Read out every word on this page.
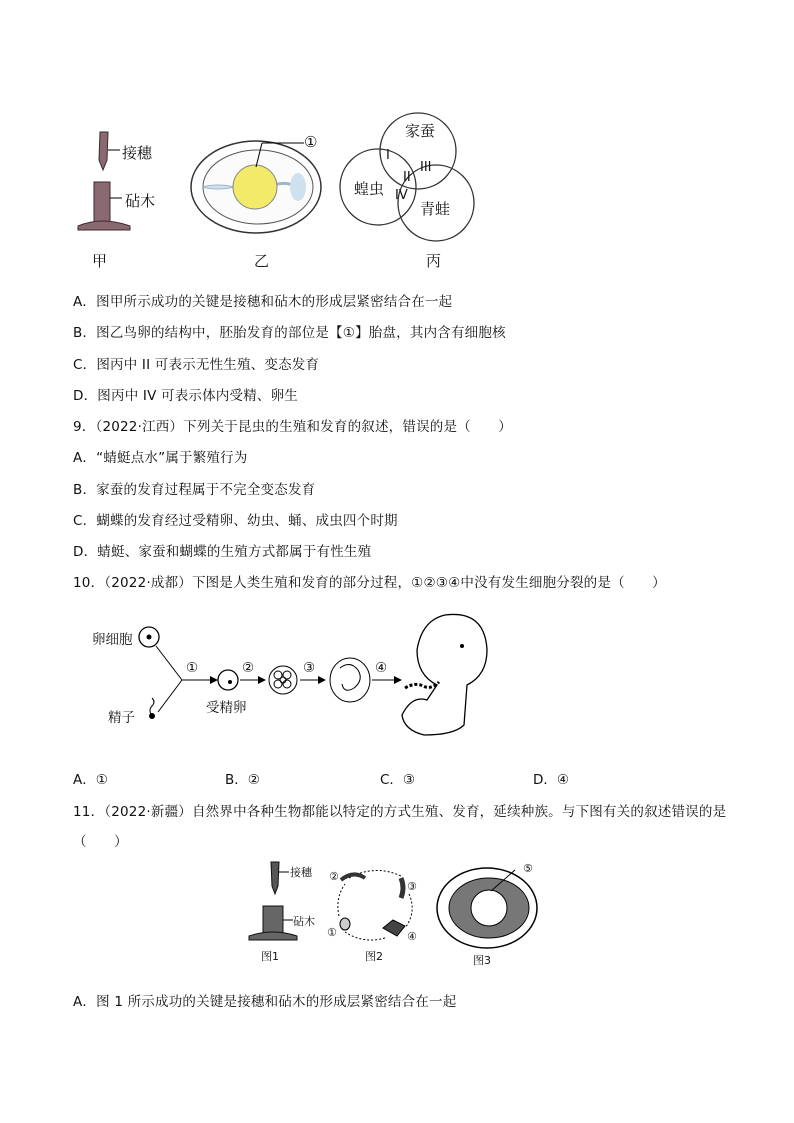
接穗
砧木
甲
①
乙
家蚕
蝗虫
青蛙
I
II
III
IV
丙
A．图甲所示成功的关键是接穗和砧木的形成层紧密结合在一起
B．图乙鸟卵的结构中，胚胎发育的部位是【①】胎盘，其内含有细胞核
C．图丙中 II 可表示无性生殖、变态发育
D．图丙中 IV 可表示体内受精、卵生
9．（2022·江西）下列关于昆虫的生殖和发育的叙述，错误的是（　　）
A．“蜻蜓点水”属于繁殖行为
B．家蚕的发育过程属于不完全变态发育
C．蝴蝶的发育经过受精卵、幼虫、蛹、成虫四个时期
D．蜻蜓、家蚕和蝴蝶的生殖方式都属于有性生殖
10．（2022·成都）下图是人类生殖和发育的部分过程，①②③④中没有发生细胞分裂的是（　　）
卵细胞
精子
受精卵
①	②	③	④
A．①	B．②	C．③	D．④
11．（2022·新疆）自然界中各种生物都能以特定的方式生殖、发育，延续种族。与下图有关的叙述错误的是
（　　）
接穗
砧木
图1	图2	图3
①
②
③
④
⑤
A．图 1 所示成功的关键是接穗和砧木的形成层紧密结合在一起
